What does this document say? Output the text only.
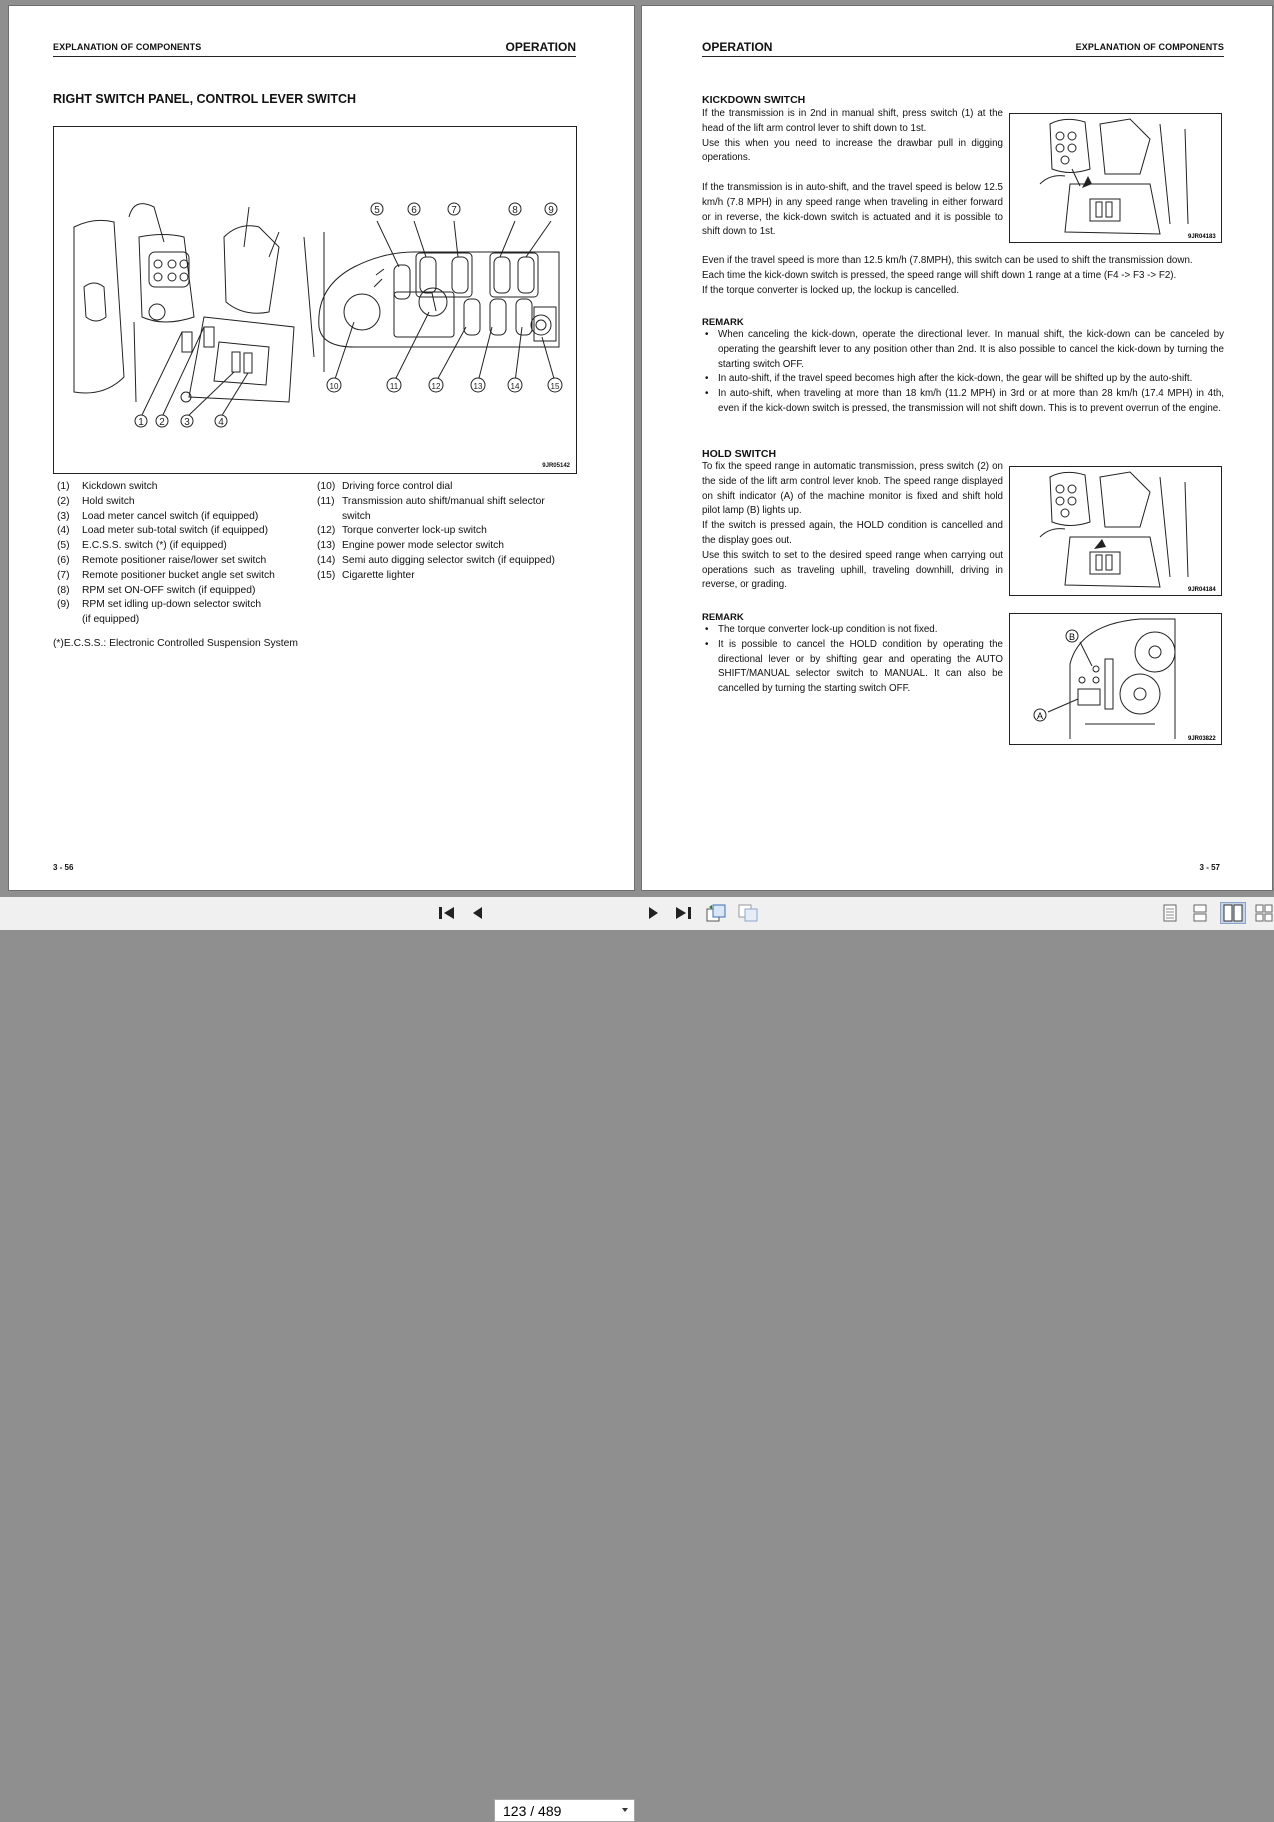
EXPLANATION OF COMPONENTS	OPERATION
RIGHT SWITCH PANEL, CONTROL LEVER SWITCH
1 2 3	4
5	6	7	8	9
10	11	12	13	14	15
9JR05142
(1)	Kickdown switch
(2)	Hold switch
(3)	Load meter cancel switch (if equipped)
(4)	Load meter sub-total switch (if equipped)
(5)	E.C.S.S. switch (*) (if equipped)
(6)	Remote positioner raise/lower set switch
(7)	Remote positioner bucket angle set switch
(8)	RPM set ON-OFF switch (if equipped)
(9)	RPM set idling up-down selector switch
(if equipped)
(10) Driving force control dial
(11) Transmission auto shift/manual shift selector
switch
(12) Torque converter lock-up switch
(13) Engine power mode selector switch
(14) Semi auto digging selector switch (if equipped)
(15) Cigarette lighter
(*)E.C.S.S.: Electronic Controlled Suspension System
3 - 56
OPERATION	EXPLANATION OF COMPONENTS
KICKDOWN SWITCH
If the transmission is in 2nd in manual shift, press switch (1) at the head of the lift arm control lever to shift down to 1st.
Use this when you need to increase the drawbar pull in digging operations.
If the transmission is in auto-shift, and the travel speed is below 12.5 km/h (7.8 MPH) in any speed range when traveling in either forward or in reverse, the kick-down switch is actuated and it is possible to shift down to 1st.	9JR04183
Even if the travel speed is more than 12.5 km/h (7.8MPH), this switch can be used to shift the transmission down.
Each time the kick-down switch is pressed, the speed range will shift down 1 range at a time (F4 -> F3 -> F2).
If the torque converter is locked up, the lockup is cancelled.
REMARK
• When canceling the kick-down, operate the directional lever. In manual shift, the kick-down can be canceled by operating the gearshift lever to any position other than 2nd. It is also possible to cancel the kick-down by turning the starting switch OFF.
• In auto-shift, if the travel speed becomes high after the kick-down, the gear will be shifted up by the auto-shift.
• In auto-shift, when traveling at more than 18 km/h (11.2 MPH) in 3rd or at more than 28 km/h (17.4 MPH) in 4th, even if the kick-down switch is pressed, the transmission will not shift down. This is to prevent overrun of the engine.
HOLD SWITCH
To fix the speed range in automatic transmission, press switch (2) on the side of the lift arm control lever knob. The speed range displayed on shift indicator (A) of the machine monitor is fixed and shift hold pilot lamp (B) lights up.
If the switch is pressed again, the HOLD condition is cancelled and the display goes out.
Use this switch to set to the desired speed range when carrying out operations such as traveling uphill, traveling downhill, driving in reverse, or grading.	9JR04184
REMARK
• The torque converter lock-up condition is not fixed.
• It is possible to cancel the HOLD condition by operating the directional lever or by shifting gear and operating the AUTO SHIFT/MANUAL selector switch to MANUAL. It can also be cancelled by turning the starting switch OFF.
A
B
9JR03822
3 - 57
123 / 489
